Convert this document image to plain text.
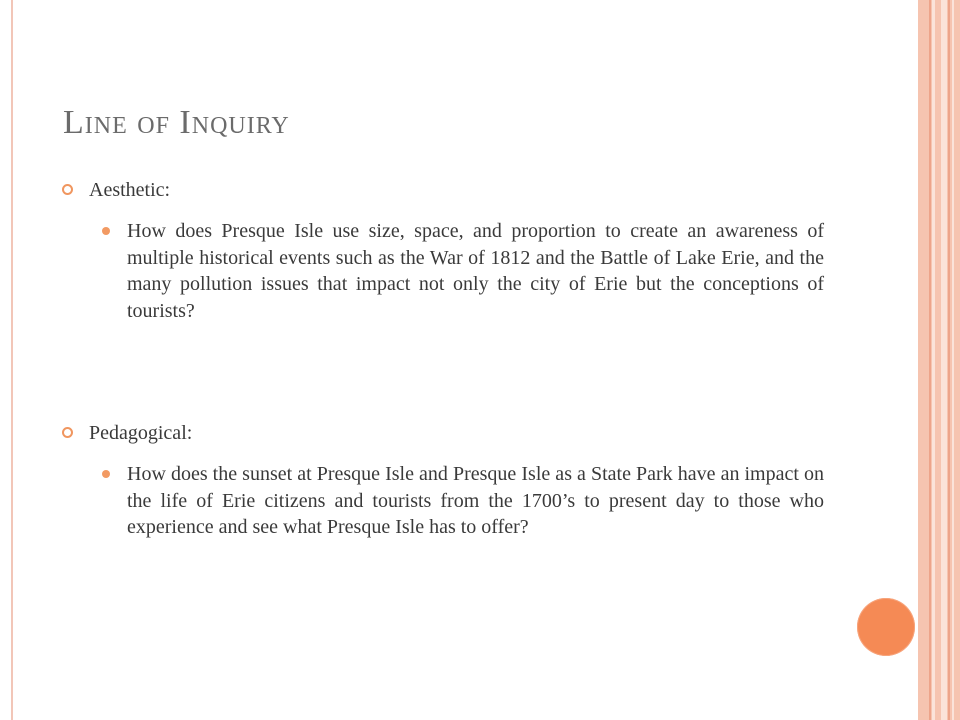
Line of Inquiry
Aesthetic:
How does Presque Isle use size, space, and proportion to create an awareness of multiple historical events such as the War of 1812 and the Battle of Lake Erie, and the many pollution issues that impact not only the city of Erie but the conceptions of tourists?
Pedagogical:
How does the sunset at Presque Isle and Presque Isle as a State Park have an impact on the life of Erie citizens and tourists from the 1700’s to present day to those who experience and see what Presque Isle has to offer?
